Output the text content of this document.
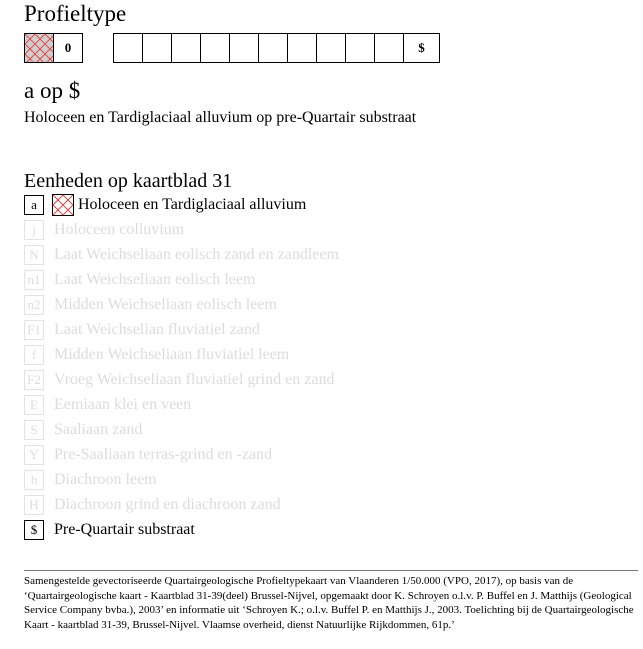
Profieltype
0	$
a op $
Holoceen en Tardiglaciaal alluvium op pre-Quartair substraat
Eenheden op kaartblad 31
a	Holoceen en Tardiglaciaal alluvium
j	Holoceen colluvium
N Laat Weichseliaan eolisch zand en zandleem
n1 Laat Weichseliaan eolisch leem
n2 Midden Weichseliaan eolisch leem
F1 Laat Weichselian fluviatiel zand
f	Midden Weichseliaan fluviatiel leem
F2 Vroeg Weichseliaan fluviatiel grind en zand
E	Eemiaan klei en veen
S	Saaliaan zand
Y Pre-Saaliaan terras-grind en -zand
h	Diachroon leem
H Diachroon grind en diachroon zand
$	Pre-Quartair substraat
Samengestelde gevectoriseerde Quartairgeologische Profieltypekaart van Vlaanderen 1/50.000 (VPO, 2017), op basis van de ‘Quartairgeologische kaart - Kaartblad 31-39(deel) Brussel-Nijvel, opgemaakt door K. Schroyen o.l.v. P. Buffel en J. Matthijs (Geological Service Company bvba.), 2003’ en informatie uit ‘Schroyen K.; o.l.v. Buffel P. en Matthijs J., 2003. Toelichting bij de Quartairgeologische Kaart - kaartblad 31-39, Brussel-Nijvel. Vlaamse overheid, dienst Natuurlijke Rijkdommen, 61p.’
